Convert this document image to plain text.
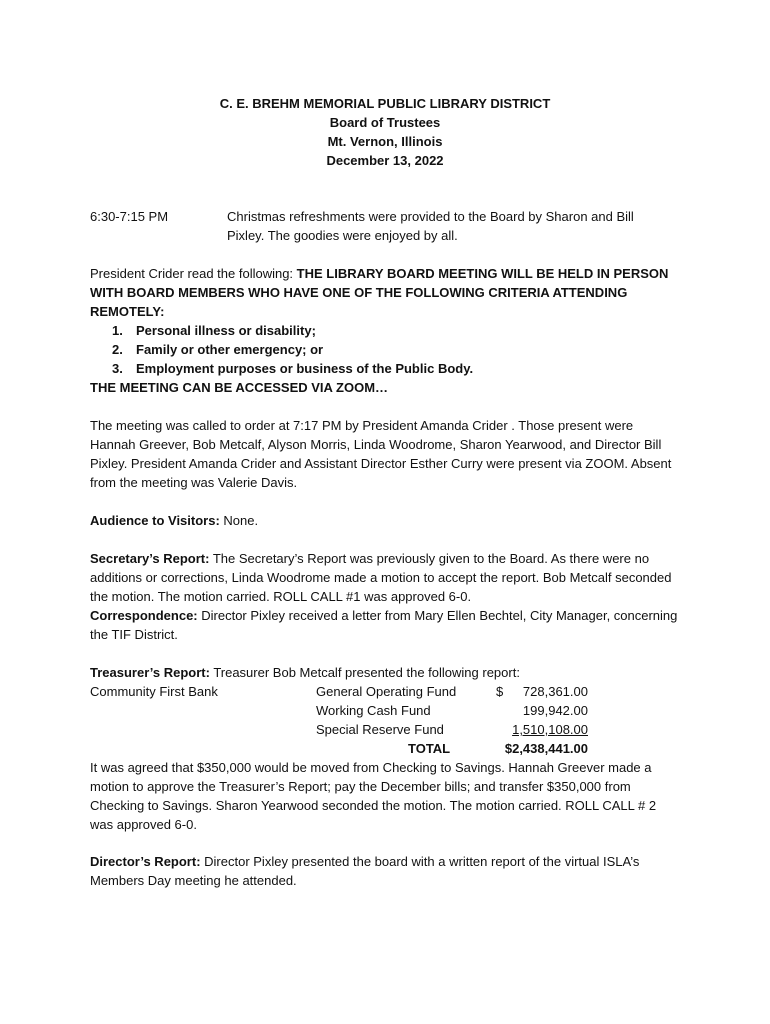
C. E. BREHM MEMORIAL PUBLIC LIBRARY DISTRICT
Board of Trustees
Mt. Vernon, Illinois
December 13, 2022
6:30-7:15 PM	Christmas refreshments were provided to the Board by Sharon and Bill
Pixley. The goodies were enjoyed by all.
President Crider read the following: THE LIBRARY BOARD MEETING WILL BE HELD IN PERSON WITH BOARD MEMBERS WHO HAVE ONE OF THE FOLLOWING CRITERIA ATTENDING REMOTELY:
1. Personal illness or disability;
2. Family or other emergency; or
3. Employment purposes or business of the Public Body.
THE MEETING CAN BE ACCESSED VIA ZOOM…
The meeting was called to order at 7:17 PM by President Amanda Crider . Those present were Hannah Greever, Bob Metcalf, Alyson Morris, Linda Woodrome, Sharon Yearwood, and Director Bill Pixley. President Amanda Crider and Assistant Director Esther Curry were present via ZOOM. Absent from the meeting was Valerie Davis.
Audience to Visitors: None.
Secretary’s Report: The Secretary’s Report was previously given to the Board. As there were no additions or corrections, Linda Woodrome made a motion to accept the report. Bob Metcalf seconded the motion. The motion carried. ROLL CALL #1 was approved 6-0.
Correspondence: Director Pixley received a letter from Mary Ellen Bechtel, City Manager, concerning the TIF District.
Treasurer’s Report: Treasurer Bob Metcalf presented the following report:
Community First Bank	General Operating Fund	$ 728,361.00
Working Cash Fund	199,942.00
Special Reserve Fund	1,510,108.00
TOTAL	$2,438,441.00
It was agreed that $350,000 would be moved from Checking to Savings. Hannah Greever made a motion to approve the Treasurer’s Report; pay the December bills; and transfer $350,000 from Checking to Savings. Sharon Yearwood seconded the motion. The motion carried. ROLL CALL # 2 was approved 6-0.
Director’s Report: Director Pixley presented the board with a written report of the virtual ISLA’s Members Day meeting he attended.
